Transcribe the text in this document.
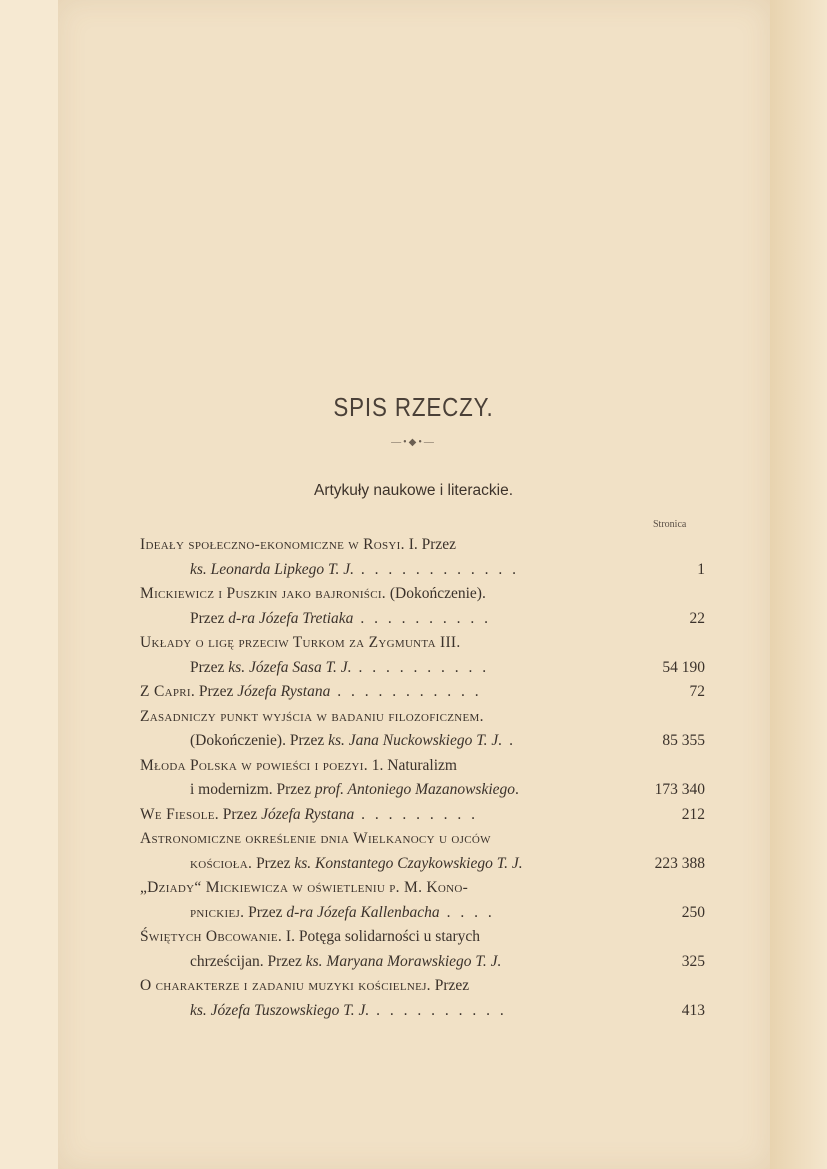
SPIS RZECZY.
—•◆•—
Artykuły naukowe i literackie.
Stronica
Ideały społeczno-ekonomiczne w Rosyi. I. Przez
ks. Leonarda Lipkego T. J. . . . . . . . . . . . .	1
Mickiewicz i Puszkin jako bajroniści. (Dokończenie).
Przez d-ra Józefa Tretiaka . . . . . . . . . .	22
Układy o ligę przeciw Turkom za Zygmunta III.
Przez ks. Józefa Sasa T. J. . . . . . . . . . .	54 190
Z Capri. Przez Józefa Rystana . . . . . . . . . . .	72
Zasadniczy punkt wyjścia w badaniu filozoficznem.
(Dokończenie). Przez ks. Jana Nuckowskiego T. J. .	85 355
Młoda Polska w powieści i poezyi. 1. Naturalizm
i modernizm. Przez prof. Antoniego Mazanowskiego.	173 340
We Fiesole. Przez Józefa Rystana . . . . . . . . .	212
Astronomiczne określenie dnia Wielkanocy u ojców
kościoła. Przez ks. Konstantego Czaykowskiego T. J.	223 388
„Dziady“ Mickiewicza w oświetleniu p. M. Kono-
pnickiej. Przez d-ra Józefa Kallenbacha . . . .	250
Świętych Obcowanie. I. Potęga solidarności u starych
chrześcijan. Przez ks. Maryana Morawskiego T. J.	325
O charakterze i zadaniu muzyki kościelnej. Przez
ks. Józefa Tuszowskiego T. J. . . . . . . . . . .	413
